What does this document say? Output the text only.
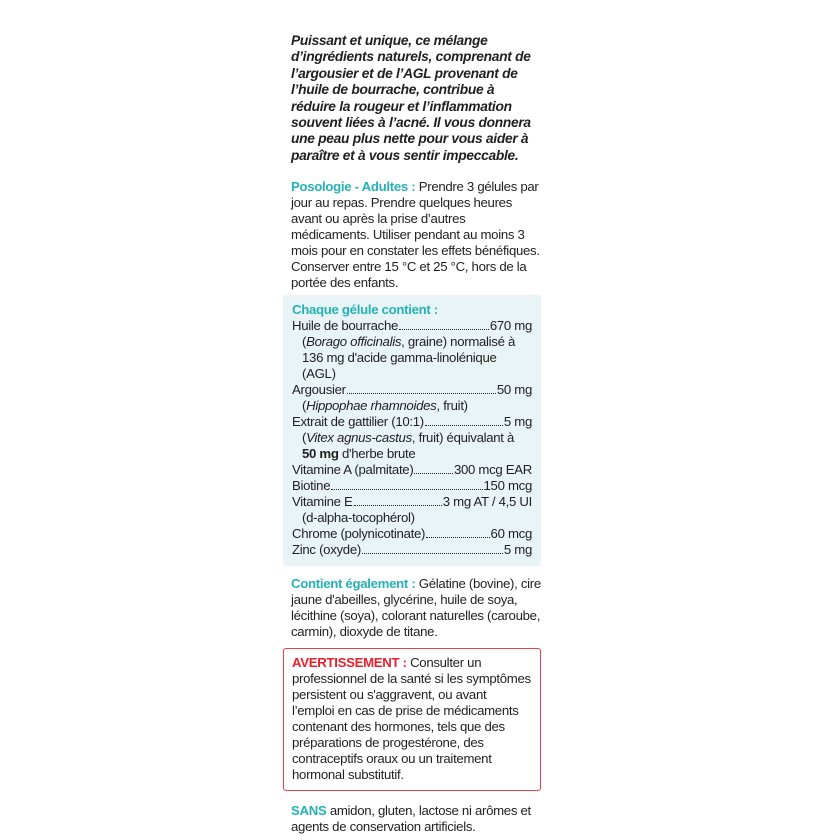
Puissant et unique, ce mélange d’ingrédients naturels, comprenant de l’argousier et de l’AGL provenant de l’huile de bourrache, contribue à réduire la rougeur et l’inflammation souvent liées à l’acné. Il vous donnera une peau plus nette pour vous aider à paraître et à vous sentir impeccable.

Posologie - Adultes : Prendre 3 gélules par jour au repas. Prendre quelques heures avant ou après la prise d’autres médicaments. Utiliser pendant au moins 3 mois pour en constater les effets bénéfiques. Conserver entre 15 °C et 25 °C, hors de la portée des enfants.

Chaque gélule contient :
Huile de bourrache	670 mg
(Borago officinalis, graine) normalisé à
136 mg d'acide gamma-linolénique (AGL)
Argousier	50 mg
(Hippophae rhamnoides, fruit)
Extrait de gattilier (10:1)	5 mg
(Vitex agnus-castus, fruit) équivalant à
50 mg d'herbe brute
Vitamine A (palmitate)	300 mcg EAR
Biotine	150 mcg
Vitamine E	3 mg AT / 4,5 UI
(d-alpha-tocophérol)
Chrome (polynicotinate)	60 mcg
Zinc (oxyde)	5 mg

Contient également : Gélatine (bovine), cire jaune d'abeilles, glycérine, huile de soya, lécithine (soya), colorant naturelles (caroube, carmin), dioxyde de titane.

AVERTISSEMENT : Consulter un professionnel de la santé si les symptômes persistent ou s'aggravent, ou avant l’emploi en cas de prise de médicaments contenant des hormones, tels que des préparations de progestérone, des contraceptifs oraux ou un traitement hormonal substitutif.

SANS amidon, gluten, lactose ni arômes et agents de conservation artificiels.
